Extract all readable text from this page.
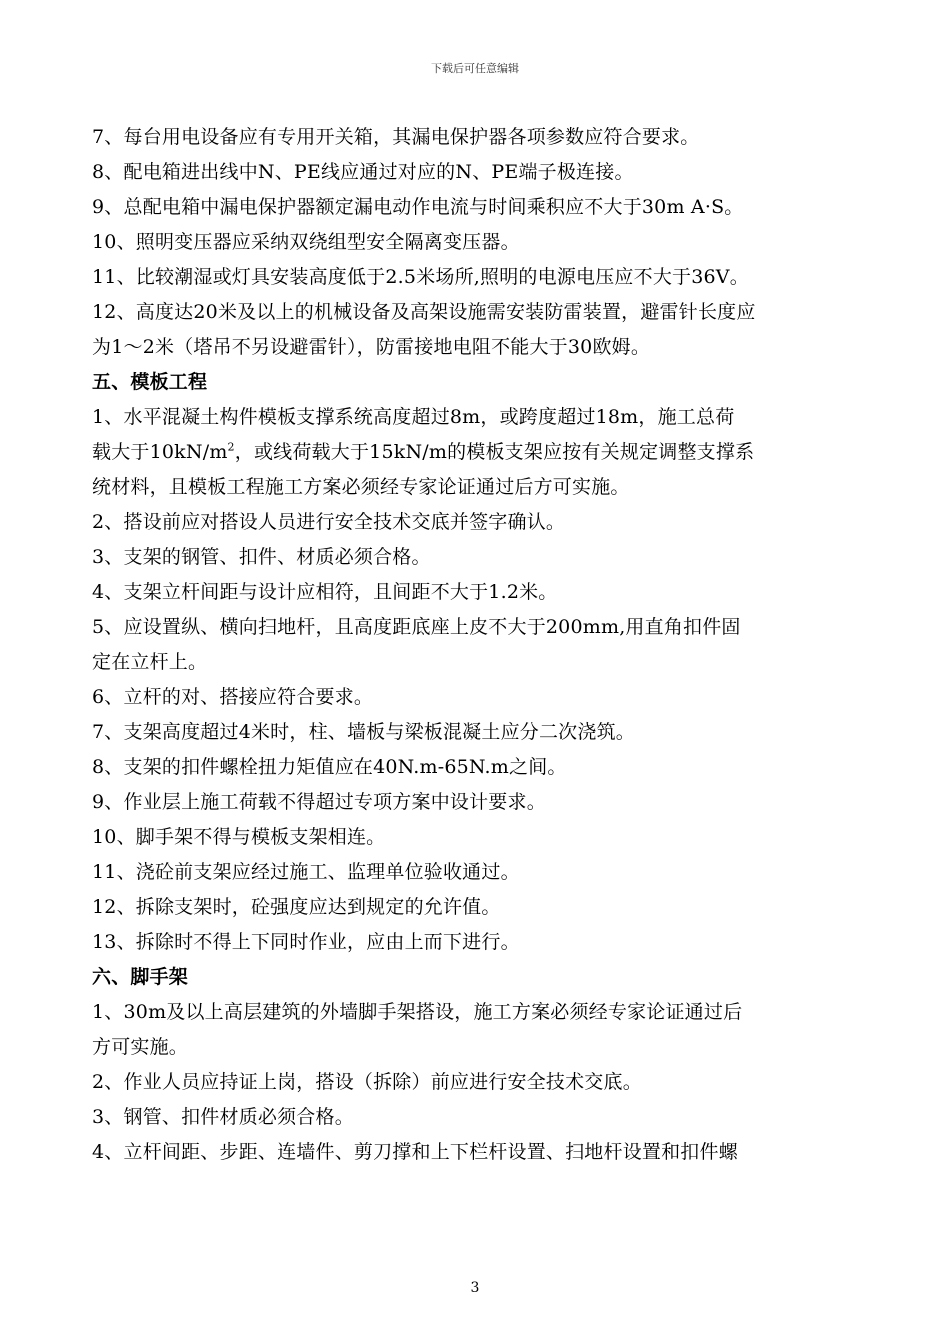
下载后可任意编辑
7、每台用电设备应有专用开关箱，其漏电保护器各项参数应符合要求。
8、配电箱进出线中N、PE线应通过对应的N、PE端子极连接。
9、总配电箱中漏电保护器额定漏电动作电流与时间乘积应不大于30m A·S。
10、照明变压器应采纳双绕组型安全隔离变压器。
11、比较潮湿或灯具安装高度低于2.5米场所,照明的电源电压应不大于36V。
12、高度达20米及以上的机械设备及高架设施需安装防雷装置，避雷针长度应
为1～2米（塔吊不另设避雷针），防雷接地电阻不能大于30欧姆。
五、模板工程
1、水平混凝土构件模板支撑系统高度超过8m，或跨度超过18m，施工总荷
载大于$10kN/m^2$，或线荷载大于15kN/m的模板支架应按有关规定调整支撑系
统材料，且模板工程施工方案必须经专家论证通过后方可实施。
2、搭设前应对搭设人员进行安全技术交底并签字确认。
3、支架的钢管、扣件、材质必须合格。
4、支架立杆间距与设计应相符，且间距不大于1.2米。
5、应设置纵、横向扫地杆，且高度距底座上皮不大于200mm,用直角扣件固
定在立杆上。
6、立杆的对、搭接应符合要求。
7、支架高度超过4米时，柱、墙板与梁板混凝土应分二次浇筑。
8、支架的扣件螺栓扭力矩值应在40N.m-65N.m之间。
9、作业层上施工荷载不得超过专项方案中设计要求。
10、脚手架不得与模板支架相连。
11、浇砼前支架应经过施工、监理单位验收通过。
12、拆除支架时，砼强度应达到规定的允许值。
13、拆除时不得上下同时作业，应由上而下进行。
六、脚手架
1、30m及以上高层建筑的外墙脚手架搭设，施工方案必须经专家论证通过后
方可实施。
2、作业人员应持证上岗，搭设（拆除）前应进行安全技术交底。
3、钢管、扣件材质必须合格。
4、立杆间距、步距、连墙件、剪刀撑和上下栏杆设置、扫地杆设置和扣件螺
3
